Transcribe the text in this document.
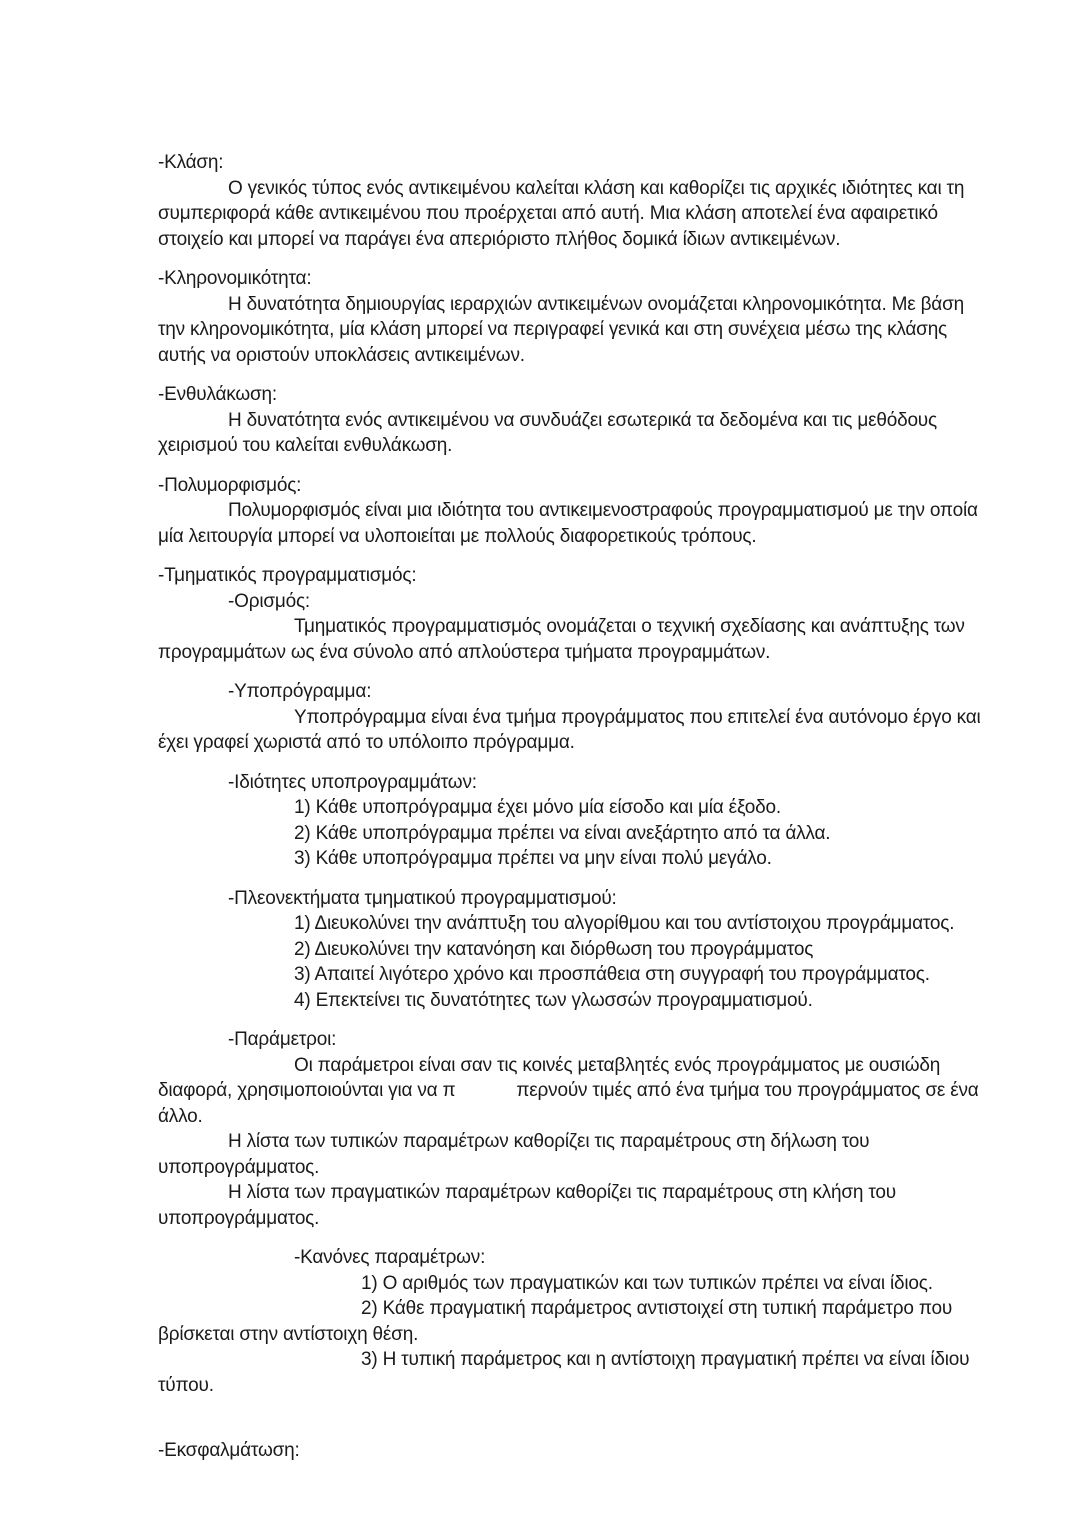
-Κλάση:

Ο γενικός τύπος ενός αντικειμένου καλείται κλάση και καθορίζει τις αρχικές ιδιότητες και τη συμπεριφορά κάθε αντικειμένου που προέρχεται από αυτή. Μια κλάση αποτελεί ένα αφαιρετικό στοιχείο και μπορεί να παράγει ένα απεριόριστο πλήθος δομικά ίδιων αντικειμένων.

-Κληρονομικότητα:

Η δυνατότητα δημιουργίας ιεραρχιών αντικειμένων ονομάζεται κληρονομικότητα. Με βάση την κληρονομικότητα, μία κλάση μπορεί να περιγραφεί γενικά και στη συνέχεια μέσω της κλάσης αυτής να οριστούν υποκλάσεις αντικειμένων.

-Ενθυλάκωση:

Η δυνατότητα ενός αντικειμένου να συνδυάζει εσωτερικά τα δεδομένα και τις μεθόδους χειρισμού του καλείται ενθυλάκωση.

-Πολυμορφισμός:

Πολυμορφισμός είναι μια ιδιότητα του αντικειμενοστραφούς προγραμματισμού με την οποία μία λειτουργία μπορεί να υλοποιείται με πολλούς διαφορετικούς τρόπους.

-Τμηματικός προγραμματισμός:

-Ορισμός:

Τμηματικός προγραμματισμός ονομάζεται ο τεχνική σχεδίασης και ανάπτυξης των προγραμμάτων ως ένα σύνολο από απλούστερα τμήματα προγραμμάτων.

-Υποπρόγραμμα:

Υποπρόγραμμα είναι ένα τμήμα προγράμματος που επιτελεί ένα αυτόνομο έργο και έχει γραφεί χωριστά από το υπόλοιπο πρόγραμμα.

-Ιδιότητες υποπρογραμμάτων:

1) Κάθε υποπρόγραμμα έχει μόνο μία είσοδο και μία έξοδο.

2) Κάθε υποπρόγραμμα πρέπει να είναι ανεξάρτητο από τα άλλα.

3) Κάθε υποπρόγραμμα πρέπει να μην είναι πολύ μεγάλο.

-Πλεονεκτήματα τμηματικού προγραμματισμού:

1) Διευκολύνει την ανάπτυξη του αλγορίθμου και του αντίστοιχου προγράμματος.

2) Διευκολύνει την κατανόηση και διόρθωση του προγράμματος

3) Απαιτεί λιγότερο χρόνο και προσπάθεια στη συγγραφή του προγράμματος.

4) Επεκτείνει τις δυνατότητες των γλωσσών προγραμματισμού.

-Παράμετροι:

Οι παράμετροι είναι σαν τις κοινές μεταβλητές ενός προγράμματος με ουσιώδη διαφορά, χρησιμοποιούνται για να π            περνούν τιμές από ένα τμήμα του προγράμματος σε ένα άλλο.

Η λίστα των τυπικών παραμέτρων καθορίζει τις παραμέτρους στη δήλωση του υποπρογράμματος.

Η λίστα των πραγματικών παραμέτρων καθορίζει τις παραμέτρους στη κλήση του υποπρογράμματος.

-Κανόνες παραμέτρων:

1) Ο αριθμός των πραγματικών και των τυπικών πρέπει να είναι ίδιος.

2) Κάθε πραγματική παράμετρος αντιστοιχεί στη τυπική παράμετρο που βρίσκεται στην αντίστοιχη θέση.

3) Η τυπική παράμετρος και η αντίστοιχη πραγματική πρέπει να είναι ίδιου τύπου.

-Εκσφαλμάτωση:
